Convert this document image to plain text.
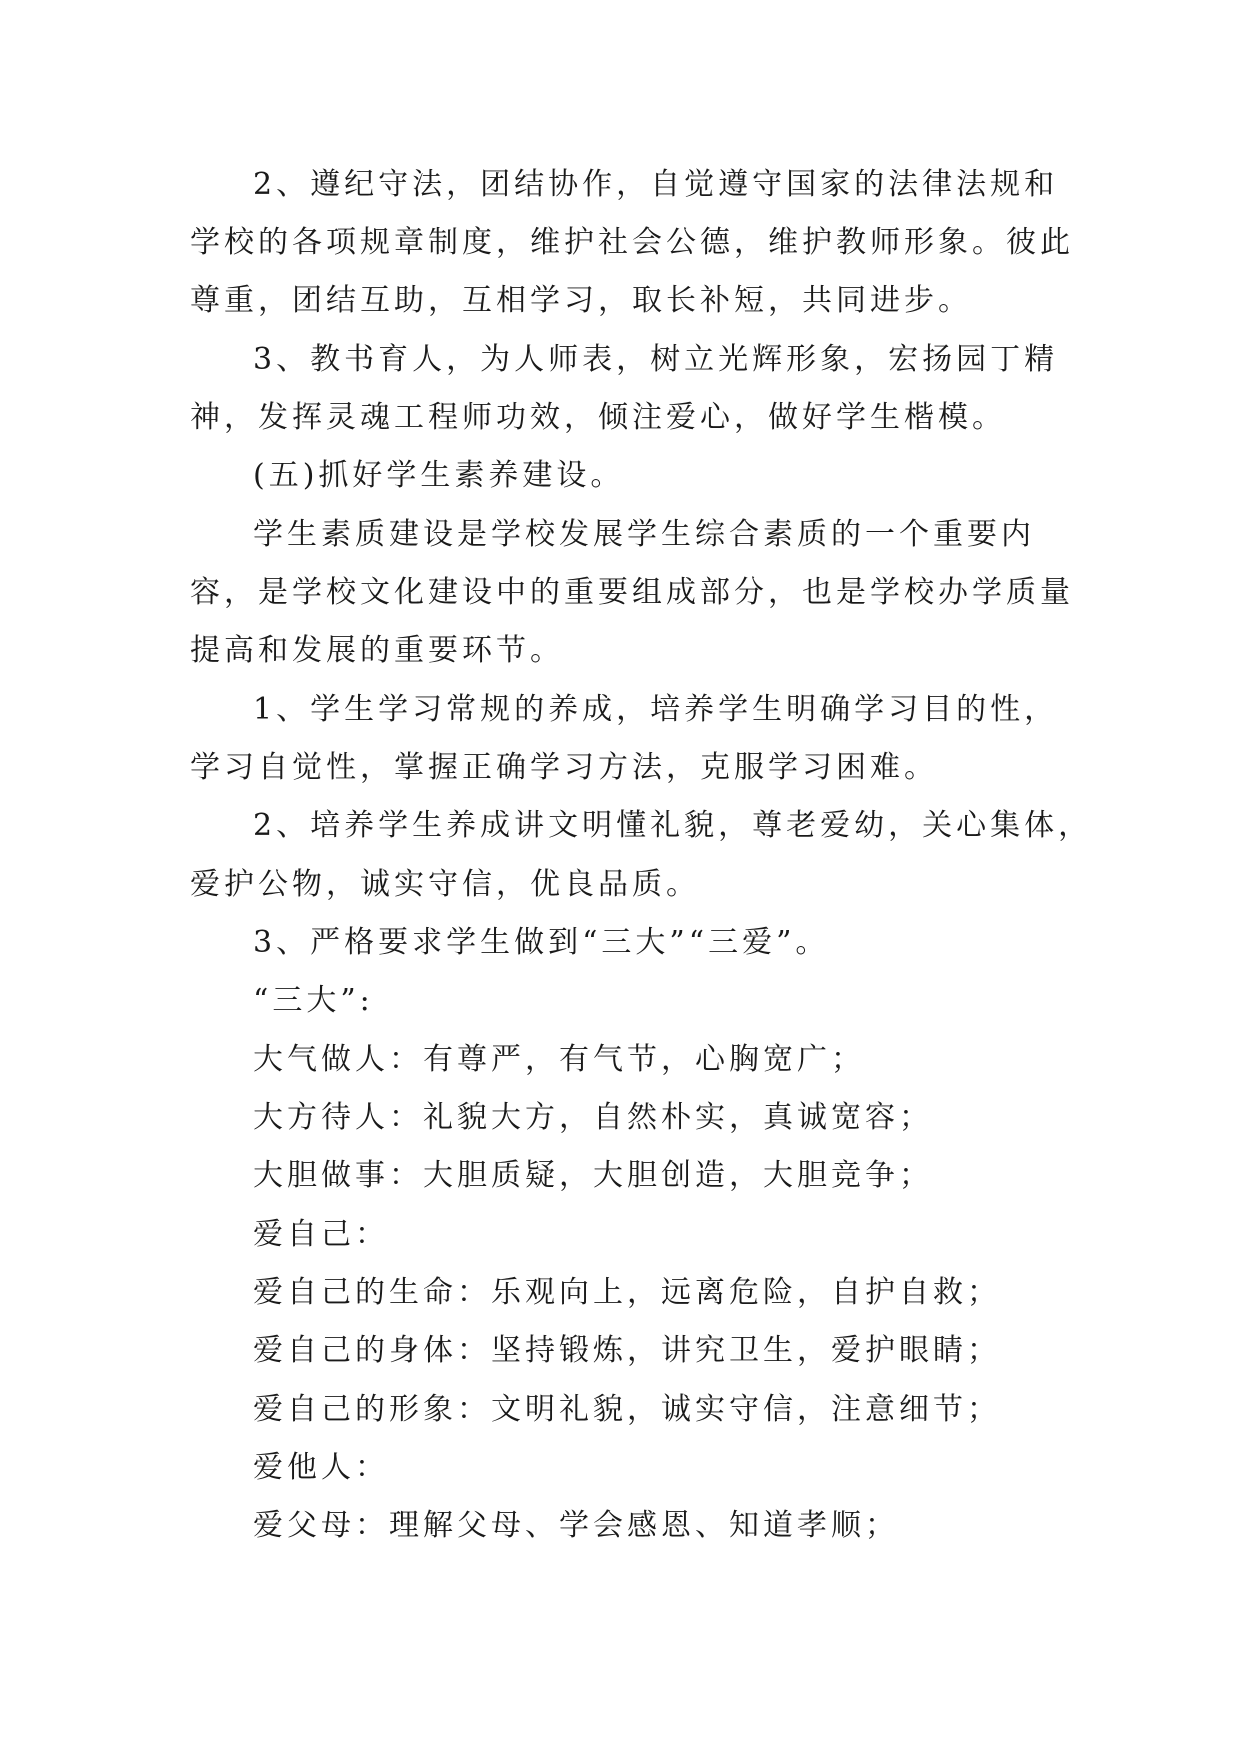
2、遵纪守法，团结协作，自觉遵守国家的法律法规和
学校的各项规章制度，维护社会公德，维护教师形象。彼此
尊重，团结互助，互相学习，取长补短，共同进步。
3、教书育人，为人师表，树立光辉形象，宏扬园丁精
神，发挥灵魂工程师功效，倾注爱心，做好学生楷模。
(五)抓好学生素养建设。
学生素质建设是学校发展学生综合素质的一个重要内
容，是学校文化建设中的重要组成部分，也是学校办学质量
提高和发展的重要环节。
1、学生学习常规的养成，培养学生明确学习目的性，
学习自觉性，掌握正确学习方法，克服学习困难。
2、培养学生养成讲文明懂礼貌，尊老爱幼，关心集体，
爱护公物，诚实守信，优良品质。
3、严格要求学生做到“三大”“三爱”。
“三大”:
大气做人：有尊严，有气节，心胸宽广；
大方待人：礼貌大方，自然朴实，真诚宽容；
大胆做事：大胆质疑，大胆创造，大胆竞争；
爱自己：
爱自己的生命：乐观向上，远离危险，自护自救；
爱自己的身体：坚持锻炼，讲究卫生，爱护眼睛；
爱自己的形象：文明礼貌，诚实守信，注意细节；
爱他人：
爱父母：理解父母、学会感恩、知道孝顺；
